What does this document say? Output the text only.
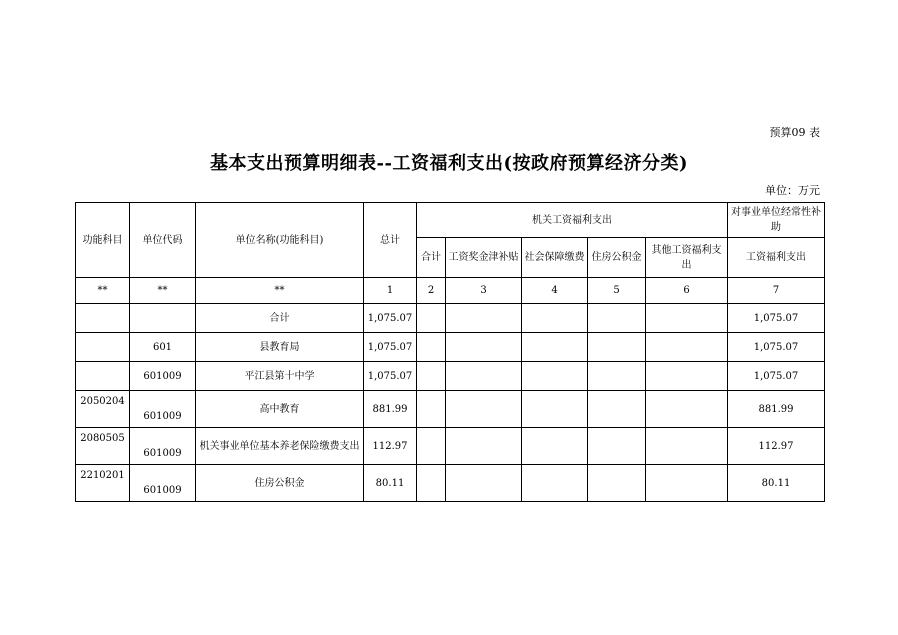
预算09 表
基本支出预算明细表--工资福利支出(按政府预算经济分类)
单位：万元
功能科目	单位代码	单位名称(功能科目)	总计	机关工资福利支出					对事业单位经常性补助
				合计	工资奖金津补贴	社会保障缴费	住房公积金	其他工资福利支出	工资福利支出
**	**	**	1	2	3	4	5	6	7
		合计	1,075.07						1,075.07
	601	县教育局	1,075.07						1,075.07
	601009	平江县第十中学	1,075.07						1,075.07
2050204	601009	高中教育	881.99						881.99
2080505	601009	机关事业单位基本养老保险缴费支出	112.97						112.97
2210201	601009	住房公积金	80.11						80.11
